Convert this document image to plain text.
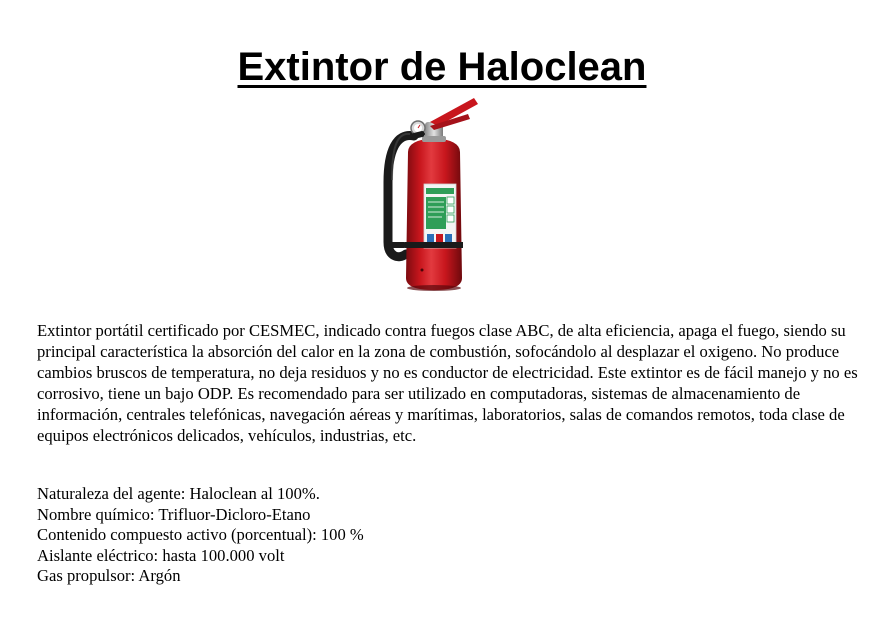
Extintor de Haloclean

Extintor portátil certificado por CESMEC, indicado contra fuegos clase ABC, de alta eficiencia, apaga el fuego, siendo su principal característica la absorción del calor en la zona de combustión, sofocándolo al desplazar el oxigeno. No produce cambios bruscos de temperatura, no deja residuos y no es conductor de electricidad. Este extintor es de fácil manejo y no es corrosivo, tiene un bajo ODP. Es recomendado para ser utilizado en computadoras, sistemas de almacenamiento de información, centrales telefónicas, navegación aéreas y marítimas, laboratorios, salas de comandos remotos, toda clase de equipos electrónicos delicados, vehículos, industrias, etc.

Naturaleza del agente: Haloclean al 100%.
Nombre químico: Trifluor-Dicloro-Etano
Contenido compuesto activo (porcentual): 100 %
Aislante eléctrico: hasta 100.000 volt
Gas propulsor: Argón
